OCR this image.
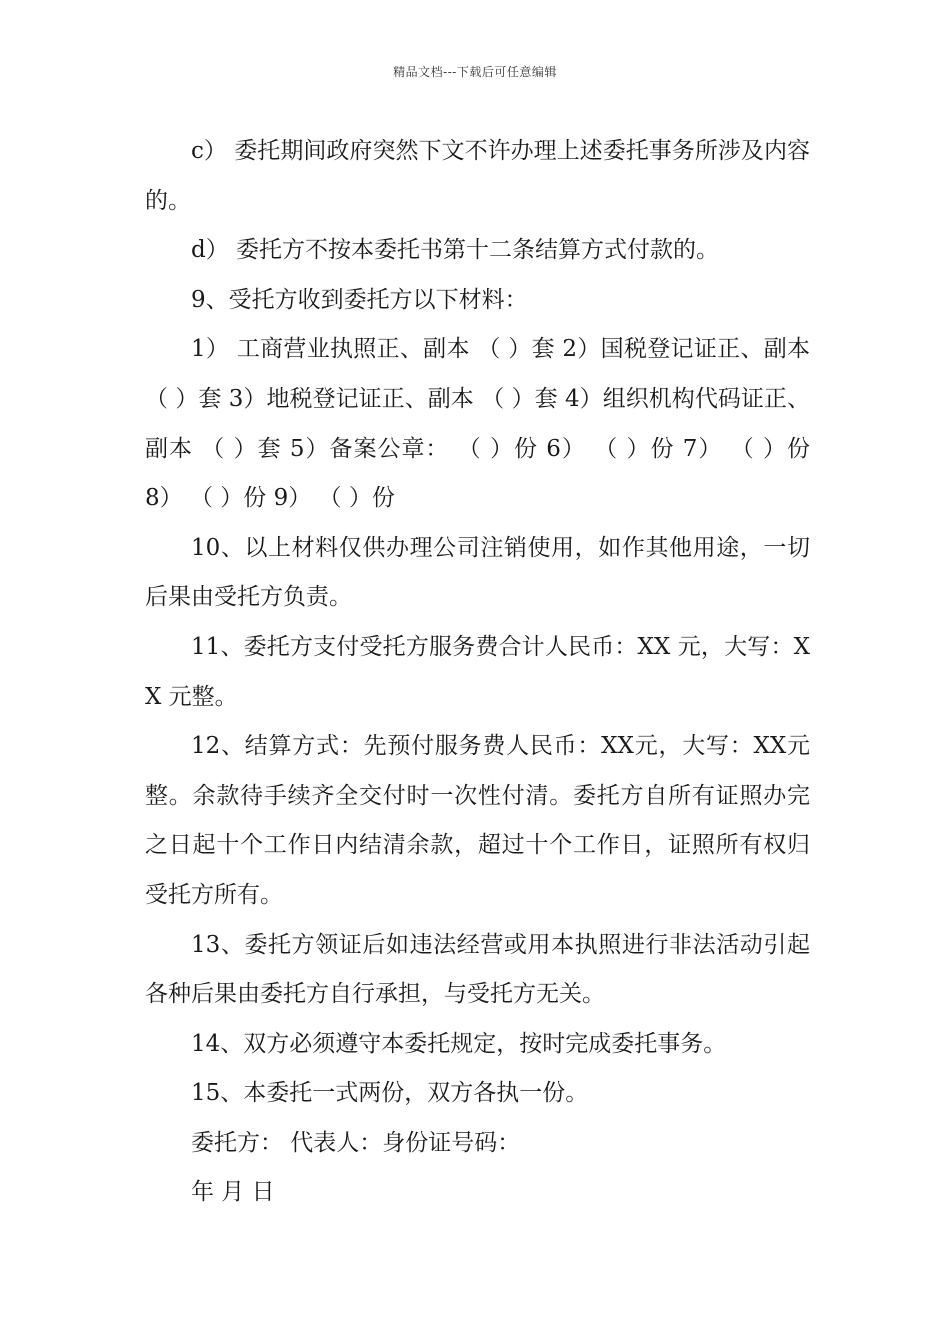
精品文档---下载后可任意编辑

c） 委托期间政府突然下文不许办理上述委托事务所涉及内容的。

d） 委托方不按本委托书第十二条结算方式付款的。

9、受托方收到委托方以下材料：

1） 工商营业执照正、副本 （ ）套 2）国税登记证正、副本 （ ）套 3）地税登记证正、副本 （ ）套 4）组织机构代码证正、副本 （ ）套 5）备案公章： （ ）份 6） （ ）份 7） （ ）份 8） （ ）份 9） （ ）份

10、以上材料仅供办理公司注销使用，如作其他用途，一切后果由受托方负责。

11、委托方支付受托方服务费合计人民币：XX 元，大写：XX 元整。

12、结算方式：先预付服务费人民币：XX元，大写：XX元整。余款待手续齐全交付时一次性付清。委托方自所有证照办完之日起十个工作日内结清余款，超过十个工作日，证照所有权归受托方所有。

13、委托方领证后如违法经营或用本执照进行非法活动引起各种后果由委托方自行承担，与受托方无关。

14、双方必须遵守本委托规定，按时完成委托事务。

15、本委托一式两份，双方各执一份。

委托方： 代表人：身份证号码：

年 月 日
